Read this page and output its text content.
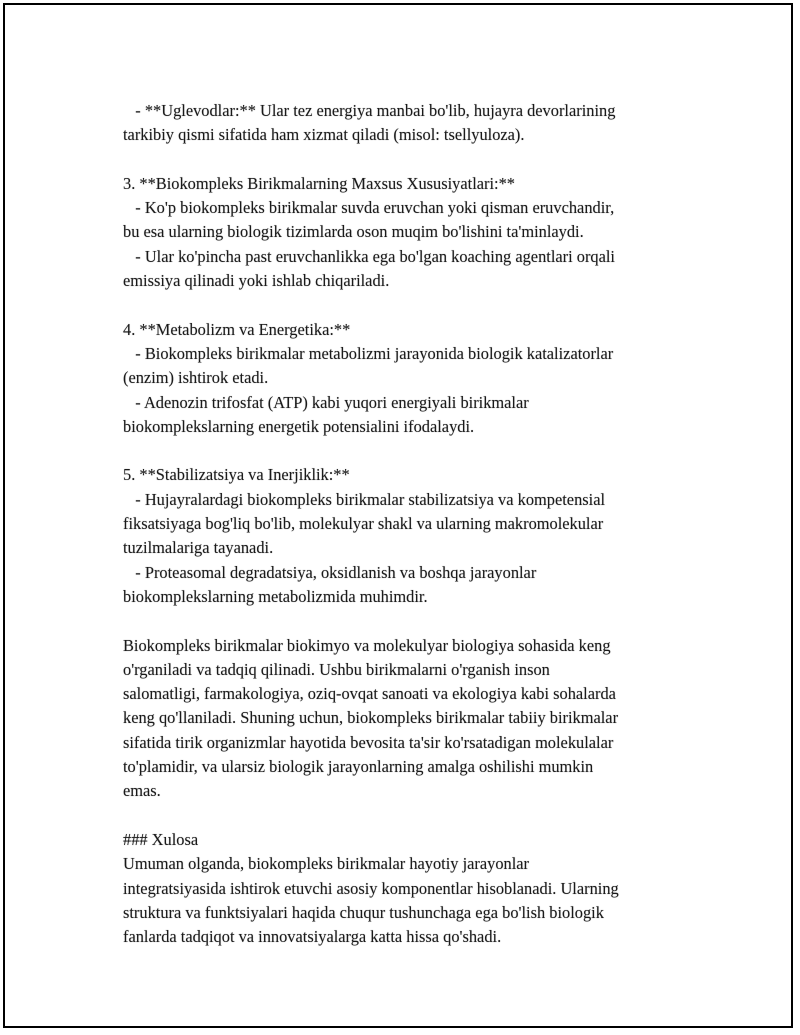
- **Uglevodlar:** Ular tez energiya manbai bo'lib, hujayra devorlarining
tarkibiy qismi sifatida ham xizmat qiladi (misol: tsellyuloza).
3. **Biokompleks Birikmalarning Maxsus Xususiyatlari:**
- Ko'p biokompleks birikmalar suvda eruvchan yoki qisman eruvchandir,
bu esa ularning biologik tizimlarda oson muqim bo'lishini ta'minlaydi.
- Ular ko'pincha past eruvchanlikka ega bo'lgan koaching agentlari orqali
emissiya qilinadi yoki ishlab chiqariladi.
4. **Metabolizm va Energetika:**
- Biokompleks birikmalar metabolizmi jarayonida biologik katalizatorlar
(enzim) ishtirok etadi.
- Adenozin trifosfat (ATP) kabi yuqori energiyali birikmalar
biokomplekslarning energetik potensialini ifodalaydi.
5. **Stabilizatsiya va Inerjiklik:**
- Hujayralardagi biokompleks birikmalar stabilizatsiya va kompetensial
fiksatsiyaga bog'liq bo'lib, molekulyar shakl va ularning makromolekular
tuzilmalariga tayanadi.
- Proteasomal degradatsiya, oksidlanish va boshqa jarayonlar
biokomplekslarning metabolizmida muhimdir.
Biokompleks birikmalar biokimyo va molekulyar biologiya sohasida keng
o'rganiladi va tadqiq qilinadi. Ushbu birikmalarni o'rganish inson
salomatligi, farmakologiya, oziq-ovqat sanoati va ekologiya kabi sohalarda
keng qo'llaniladi. Shuning uchun, biokompleks birikmalar tabiiy birikmalar
sifatida tirik organizmlar hayotida bevosita ta'sir ko'rsatadigan molekulalar
to'plamidir, va ularsiz biologik jarayonlarning amalga oshilishi mumkin
emas.
### Xulosa
Umuman olganda, biokompleks birikmalar hayotiy jarayonlar
integratsiyasida ishtirok etuvchi asosiy komponentlar hisoblanadi. Ularning
struktura va funktsiyalari haqida chuqur tushunchaga ega bo'lish biologik
fanlarda tadqiqot va innovatsiyalarga katta hissa qo'shadi.
